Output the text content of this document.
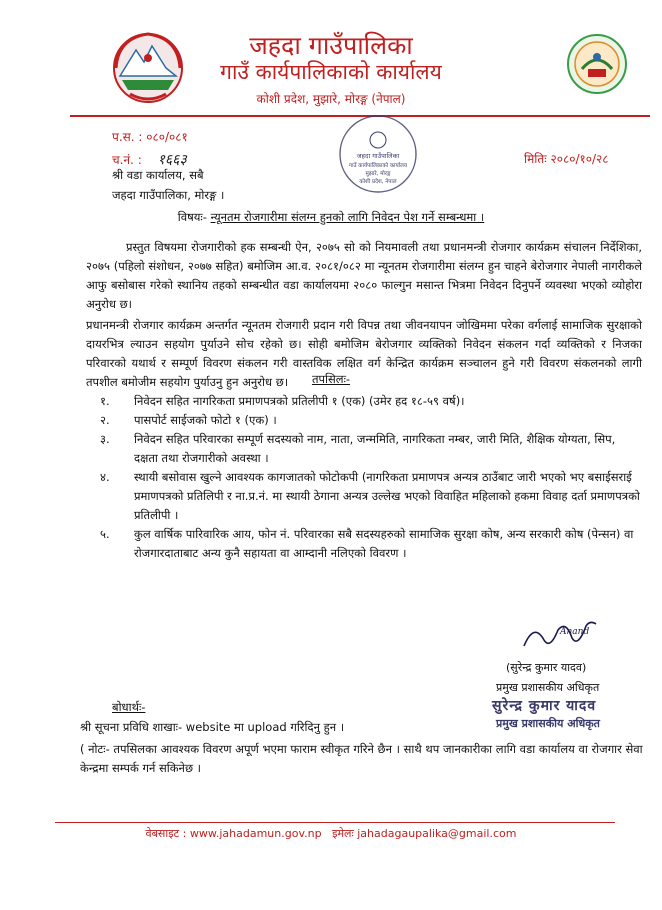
जहदा गाउँपालिका
गाउँ कार्यपालिकाको कार्यालय
कोशी प्रदेश, मुझारे, मोरङ्ग (नेपाल)
जहदा गाउँपालिका
गाउँ कार्यपालिकाको कार्यालय
मुझारे, मोरङ्ग
कोशी प्रदेश, नेपाल
प.स. : ०८०/०८१
च.नं. : १६६३	मितिः २०८०/१०/२८
श्री वडा कार्यालय, सबै
जहदा गाउँपालिका, मोरङ्ग ।
विषयः- न्यूनतम रोजगारीमा संलग्न हुनको लागि निवेदन पेश गर्ने सम्बन्धमा ।
प्रस्तुत विषयमा रोजगारीको हक सम्बन्धी ऐन, २०७५ सो को नियमावली तथा प्रधानमन्त्री रोजगार कार्यक्रम संचालन निर्देशिका, २०७५ (पहिलो संशोधन, २०७७ सहित) बमोजिम आ.व. २०८१/०८२ मा न्यूनतम रोजगारीमा संलग्न हुन चाहने बेरोजगार नेपाली नागरीकले आफु बसोबास गरेको स्थानिय तहको सम्बन्धीत वडा कार्यालयमा २०८० फाल्गुन मसान्त भित्रमा निवेदन दिनुपर्ने व्यवस्था भएको व्योहोरा अनुरोध छ।
प्रधानमन्त्री रोजगार कार्यक्रम अन्तर्गत न्यूनतम रोजगारी प्रदान गरी विपन्न तथा जीवनयापन जोखिममा परेका वर्गलाई सामाजिक सुरक्षाको दायरभित्र ल्याउन सहयोग पुर्याउने सोच रहेको छ। सोही बमोजिम बेरोजगार व्यक्तिको निवेदन संकलन गर्दा व्यक्तिको र निजका परिवारको यथार्थ र सम्पूर्ण विवरण संकलन गरी वास्तविक लक्षित वर्ग केन्द्रित कार्यक्रम सञ्चालन हुने गरी विवरण संकलनको लागी तपशील बमोजीम सहयोग पुर्याउनु हुन अनुरोध छ।	तपसिलः-
१. निवेदन सहित नागरिकता प्रमाणपत्रको प्रतिलीपी १ (एक) (उमेर हद १८-५९ वर्ष)।
२. पासपोर्ट साईजको फोटो १ (एक) ।
३. निवेदन सहित परिवारका सम्पूर्ण सदस्यको नाम, नाता, जन्ममिति, नागरिकता नम्बर, जारी मिति, शैक्षिक योग्यता, सिप, दक्षता तथा रोजगारीको अवस्था ।
४. स्थायी बसोवास खुल्ने आवश्यक कागजातको फोटोकपी (नागरिकता प्रमाणपत्र अन्यत्र ठाउँबाट जारी भएको भए बसाईसराई प्रमाणपत्रको प्रतिलिपी र ना.प्र.नं. मा स्थायी ठेगाना अन्यत्र उल्लेख भएको विवाहित महिलाको हकमा विवाह दर्ता प्रमाणपत्रको प्रतिलीपी ।
५. कुल वार्षिक पारिवारिक आय, फोन नं. परिवारका सबै सदस्यहरुको सामाजिक सुरक्षा कोष, अन्य सरकारी कोष (पेन्सन) वा रोजगारदाताबाट अन्य कुनै सहायता वा आम्दानी नलिएको विवरण ।
Anand
(सुरेन्द्र कुमार यादव)
प्रमुख प्रशासकीय अधिकृत
सुरेन्द्र कुमार यादव
प्रमुख प्रशासकीय अधिकृत
बोधार्थः-
श्री सूचना प्रविधि शाखाः- website मा upload गरिदिनु हुन ।
( नोटः- तपसिलका आवश्यक विवरण अपूर्ण भएमा फाराम स्वीकृत गरिने छैन । साथै थप जानकारीका लागि वडा कार्यालय वा रोजगार सेवा केन्द्रमा सम्पर्क गर्न सकिनेछ ।
वेबसाइट : www.jahadamun.gov.np इमेलः jahadagaupalika@gmail.com
